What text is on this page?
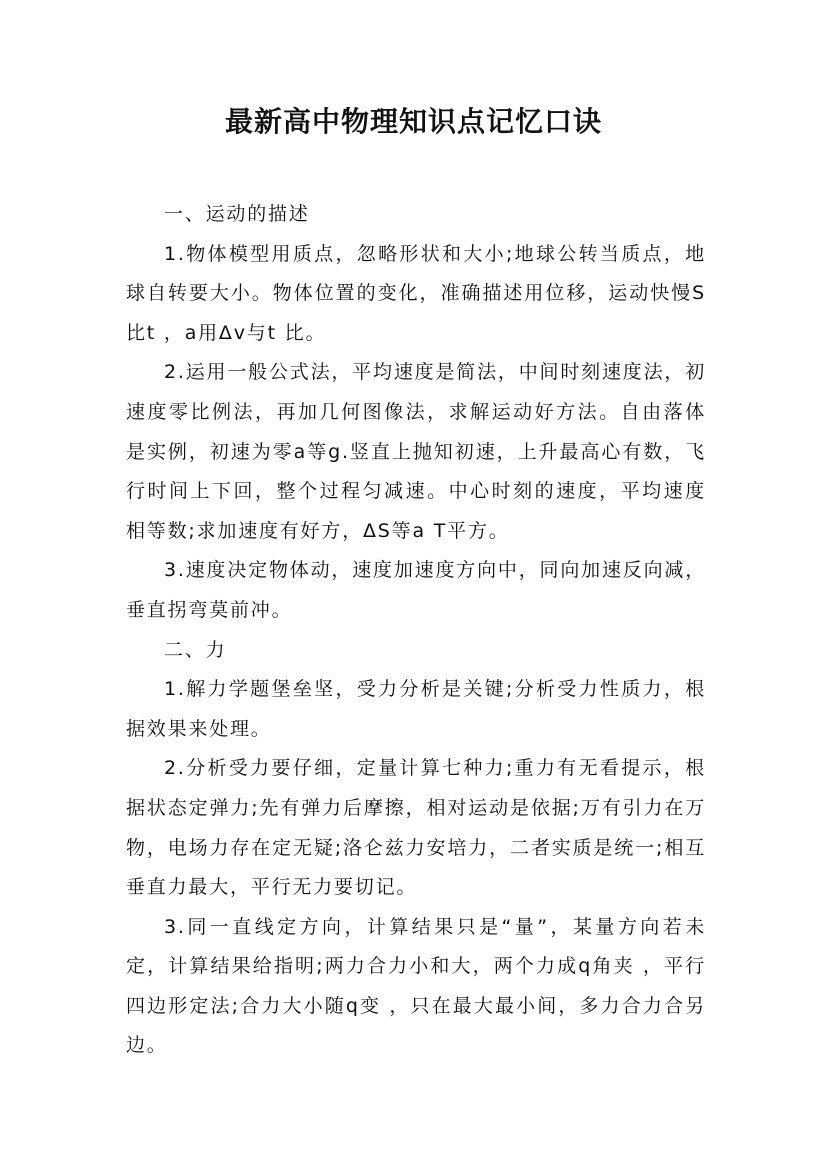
最新高中物理知识点记忆口诀

一、运动的描述

1.物体模型用质点，忽略形状和大小;地球公转当质点，地球自转要大小。物体位置的变化，准确描述用位移，运动快慢S比t ，a用Δv与t 比。

2.运用一般公式法，平均速度是简法，中间时刻速度法，初速度零比例法，再加几何图像法，求解运动好方法。自由落体是实例，初速为零a等g.竖直上抛知初速，上升最高心有数，飞行时间上下回，整个过程匀减速。中心时刻的速度，平均速度相等数;求加速度有好方，ΔS等a T平方。

3.速度决定物体动，速度加速度方向中，同向加速反向减，垂直拐弯莫前冲。

二、力

1.解力学题堡垒坚，受力分析是关键;分析受力性质力，根据效果来处理。

2.分析受力要仔细，定量计算七种力;重力有无看提示，根据状态定弹力;先有弹力后摩擦，相对运动是依据;万有引力在万物，电场力存在定无疑;洛仑兹力安培力，二者实质是统一;相互垂直力最大，平行无力要切记。

3.同一直线定方向，计算结果只是“量”，某量方向若未定，计算结果给指明;两力合力小和大，两个力成q角夹 ，平行四边形定法;合力大小随q变 ，只在最大最小间，多力合力合另边。
